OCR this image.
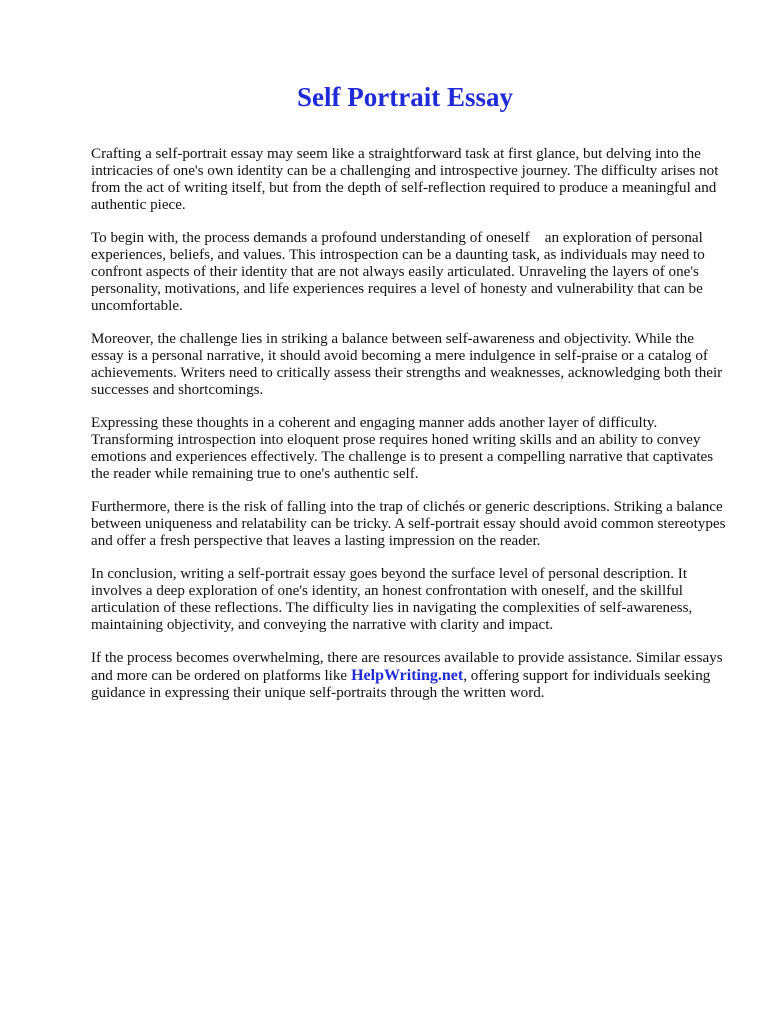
Self Portrait Essay

Crafting a self-portrait essay may seem like a straightforward task at first glance, but delving into the intricacies of one's own identity can be a challenging and introspective journey. The difficulty arises not from the act of writing itself, but from the depth of self-reflection required to produce a meaningful and authentic piece.

To begin with, the process demands a profound understanding of oneself    an exploration of personal experiences, beliefs, and values. This introspection can be a daunting task, as individuals may need to confront aspects of their identity that are not always easily articulated. Unraveling the layers of one's personality, motivations, and life experiences requires a level of honesty and vulnerability that can be uncomfortable.

Moreover, the challenge lies in striking a balance between self-awareness and objectivity. While the essay is a personal narrative, it should avoid becoming a mere indulgence in self-praise or a catalog of achievements. Writers need to critically assess their strengths and weaknesses, acknowledging both their successes and shortcomings.

Expressing these thoughts in a coherent and engaging manner adds another layer of difficulty. Transforming introspection into eloquent prose requires honed writing skills and an ability to convey emotions and experiences effectively. The challenge is to present a compelling narrative that captivates the reader while remaining true to one's authentic self.

Furthermore, there is the risk of falling into the trap of clichés or generic descriptions. Striking a balance between uniqueness and relatability can be tricky. A self-portrait essay should avoid common stereotypes and offer a fresh perspective that leaves a lasting impression on the reader.

In conclusion, writing a self-portrait essay goes beyond the surface level of personal description. It involves a deep exploration of one's identity, an honest confrontation with oneself, and the skillful articulation of these reflections. The difficulty lies in navigating the complexities of self-awareness, maintaining objectivity, and conveying the narrative with clarity and impact.

If the process becomes overwhelming, there are resources available to provide assistance. Similar essays and more can be ordered on platforms like HelpWriting.net, offering support for individuals seeking guidance in expressing their unique self-portraits through the written word.
